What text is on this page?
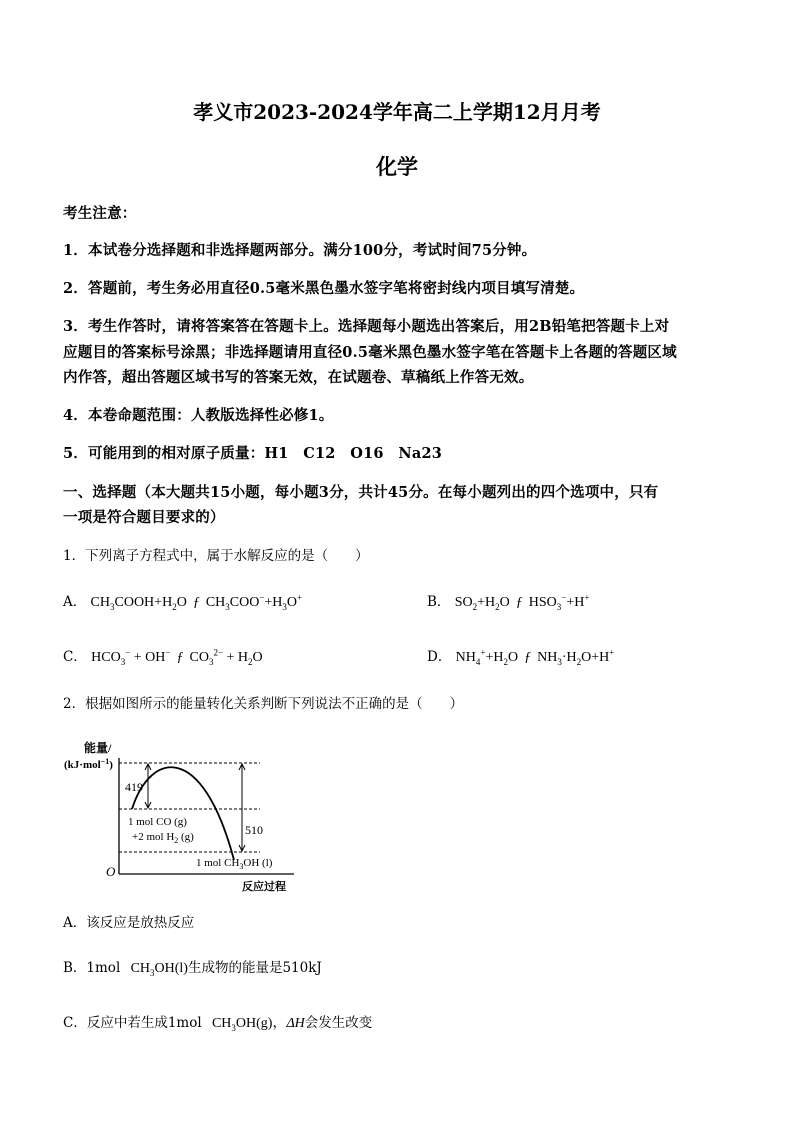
孝义市2023-2024学年高二上学期12月月考
化学
考生注意：
1．本试卷分选择题和非选择题两部分。满分100分，考试时间75分钟。
2．答题前，考生务必用直径0.5毫米黑色墨水签字笔将密封线内项目填写清楚。
3．考生作答时，请将答案答在答题卡上。选择题每小题选出答案后，用2B铅笔把答题卡上对
应题目的答案标号涂黑；非选择题请用直径0.5毫米黑色墨水签字笔在答题卡上各题的答题区域
内作答，超出答题区域书写的答案无效，在试题卷、草稿纸上作答无效。
4．本卷命题范围：人教版选择性必修1。
5．可能用到的相对原子质量：H1　C12　O16　Na23
一、选择题（本大题共15小题，每小题3分，共计45分。在每小题列出的四个选项中，只有
一项是符合题目要求的）
1．下列离子方程式中，属于水解反应的是（　　）
A． $CH_3COOH+H_2O$ ƒ $CH_3COO^-+H_3O^+$	B． $SO_2+H_2O$ ƒ $HSO_3^-+H^+$
C． $HCO_3^- + OH^-$ ƒ $CO_3^{2-} + H_2O$	D． $NH_4^++H_2O$ ƒ $NH_3\cdot H_2O+H^+$
2．根据如图所示的能量转化关系判断下列说法不正确的是（　　）
能量/
(kJ·mol$^{-1}$)
419
510
1 mol CO (g)
+2 mol $H_2$ (g)
1 mol $CH_3OH$ (l)
O
反应过程
A．该反应是放热反应
B．1mol $CH_3OH(l)$生成物的能量是510kJ
C．反应中若生成1mol $CH_3OH(g)$，ΔH会发生改变
